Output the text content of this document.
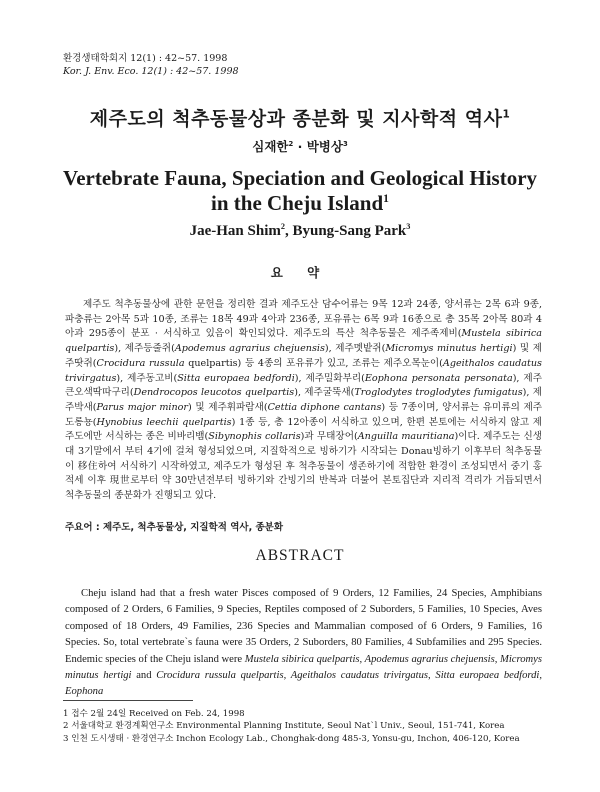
환경생태학회지 12(1) : 42~57. 1998
Kor. J. Env. Eco. 12(1) : 42~57. 1998
제주도의 척추동물상과 종분화 및 지사학적 역사$^1$
심재한$^2$ · 박병상$^3$
Vertebrate Fauna, Speciation and Geological History
in the Cheju Island$^1$
Jae-Han Shim$^2$, Byung-Sang Park$^3$
요 약
제주도 척추동물상에 관한 문헌을 정리한 결과 제주도산 담수어류는 9목 12과 24종, 양서류는 2목 6과 9종, 파충류는 2아목 5과 10종, 조류는 18목 49과 4아과 236종, 포유류는 6목 9과 16종으로 총 35목 2아목 80과 4아과 295종이 분포 · 서식하고 있음이 확인되었다. 제주도의 특산 척추동물은 제주족제비(Mustela sibirica quelpartis), 제주등줄쥐(Apodemus agrarius chejuensis), 제주멧밭쥐(Micromys minutus hertigi) 및 제주땃쥐(Crocidura russula quelpartis) 등 4종의 포유류가 있고, 조류는 제주오목눈이(Ageithalos caudatus trivirgatus), 제주동고비(Sitta europaea bedfordi), 제주밀화부리(Eophona personata personata), 제주큰오색딱따구리(Dendrocopos leucotos quelpartis), 제주굴뚝새(Troglodytes troglodytes fumigatus), 제주박새(Parus major minor) 및 제주휘파람새(Cettia diphone cantans) 등 7종이며, 양서류는 유미류의 제주도롱뇽(Hynobius leechii quelpartis) 1종 등, 총 12아종이 서식하고 있으며, 한편 본토에는 서식하지 않고 제주도에만 서식하는 종은 비바리뱀(Sibynophis collaris)과 무태장어(Anguilla mauritiana)이다. 제주도는 신생대 3기말에서 부터 4기에 걸쳐 형성되었으며, 지질학적으로 빙하기가 시작되는 Donau빙하기 이후부터 척추동물이 移住하여 서식하기 시작하였고, 제주도가 형성된 후 척추동물이 생존하기에 적합한 환경이 조성되면서 중기 홍적세 이후 現世로부터 약 30만년전부터 빙하기와 간빙기의 반복과 더불어 본토집단과 지리적 격리가 거듭되면서 척추동물의 종분화가 진행되고 있다.
주요어 : 제주도, 척추동물상, 지질학적 역사, 종분화
ABSTRACT
Cheju island had that a fresh water Pisces composed of 9 Orders, 12 Families, 24 Species, Amphibians composed of 2 Orders, 6 Families, 9 Species, Reptiles composed of 2 Suborders, 5 Families, 10 Species, Aves composed of 18 Orders, 49 Families, 236 Species and Mammalian composed of 6 Orders, 9 Families, 16 Species. So, total vertebrate`s fauna were 35 Orders, 2 Suborders, 80 Families, 4 Subfamilies and 295 Species. Endemic species of the Cheju island were Mustela sibirica quelpartis, Apodemus agrarius chejuensis, Micromys minutus hertigi and Crocidura russula quelpartis, Ageithalos caudatus trivirgatus, Sitta europaea bedfordi, Eophona
1 접수 2월 24일 Received on Feb. 24, 1998
2 서울대학교 환경계획연구소 Environmental Planning Institute, Seoul Nat`l Univ., Seoul, 151-741, Korea
3 인천 도시생태 · 환경연구소 Inchon Ecology Lab., Chonghak-dong 485-3, Yonsu-gu, Inchon, 406-120, Korea
